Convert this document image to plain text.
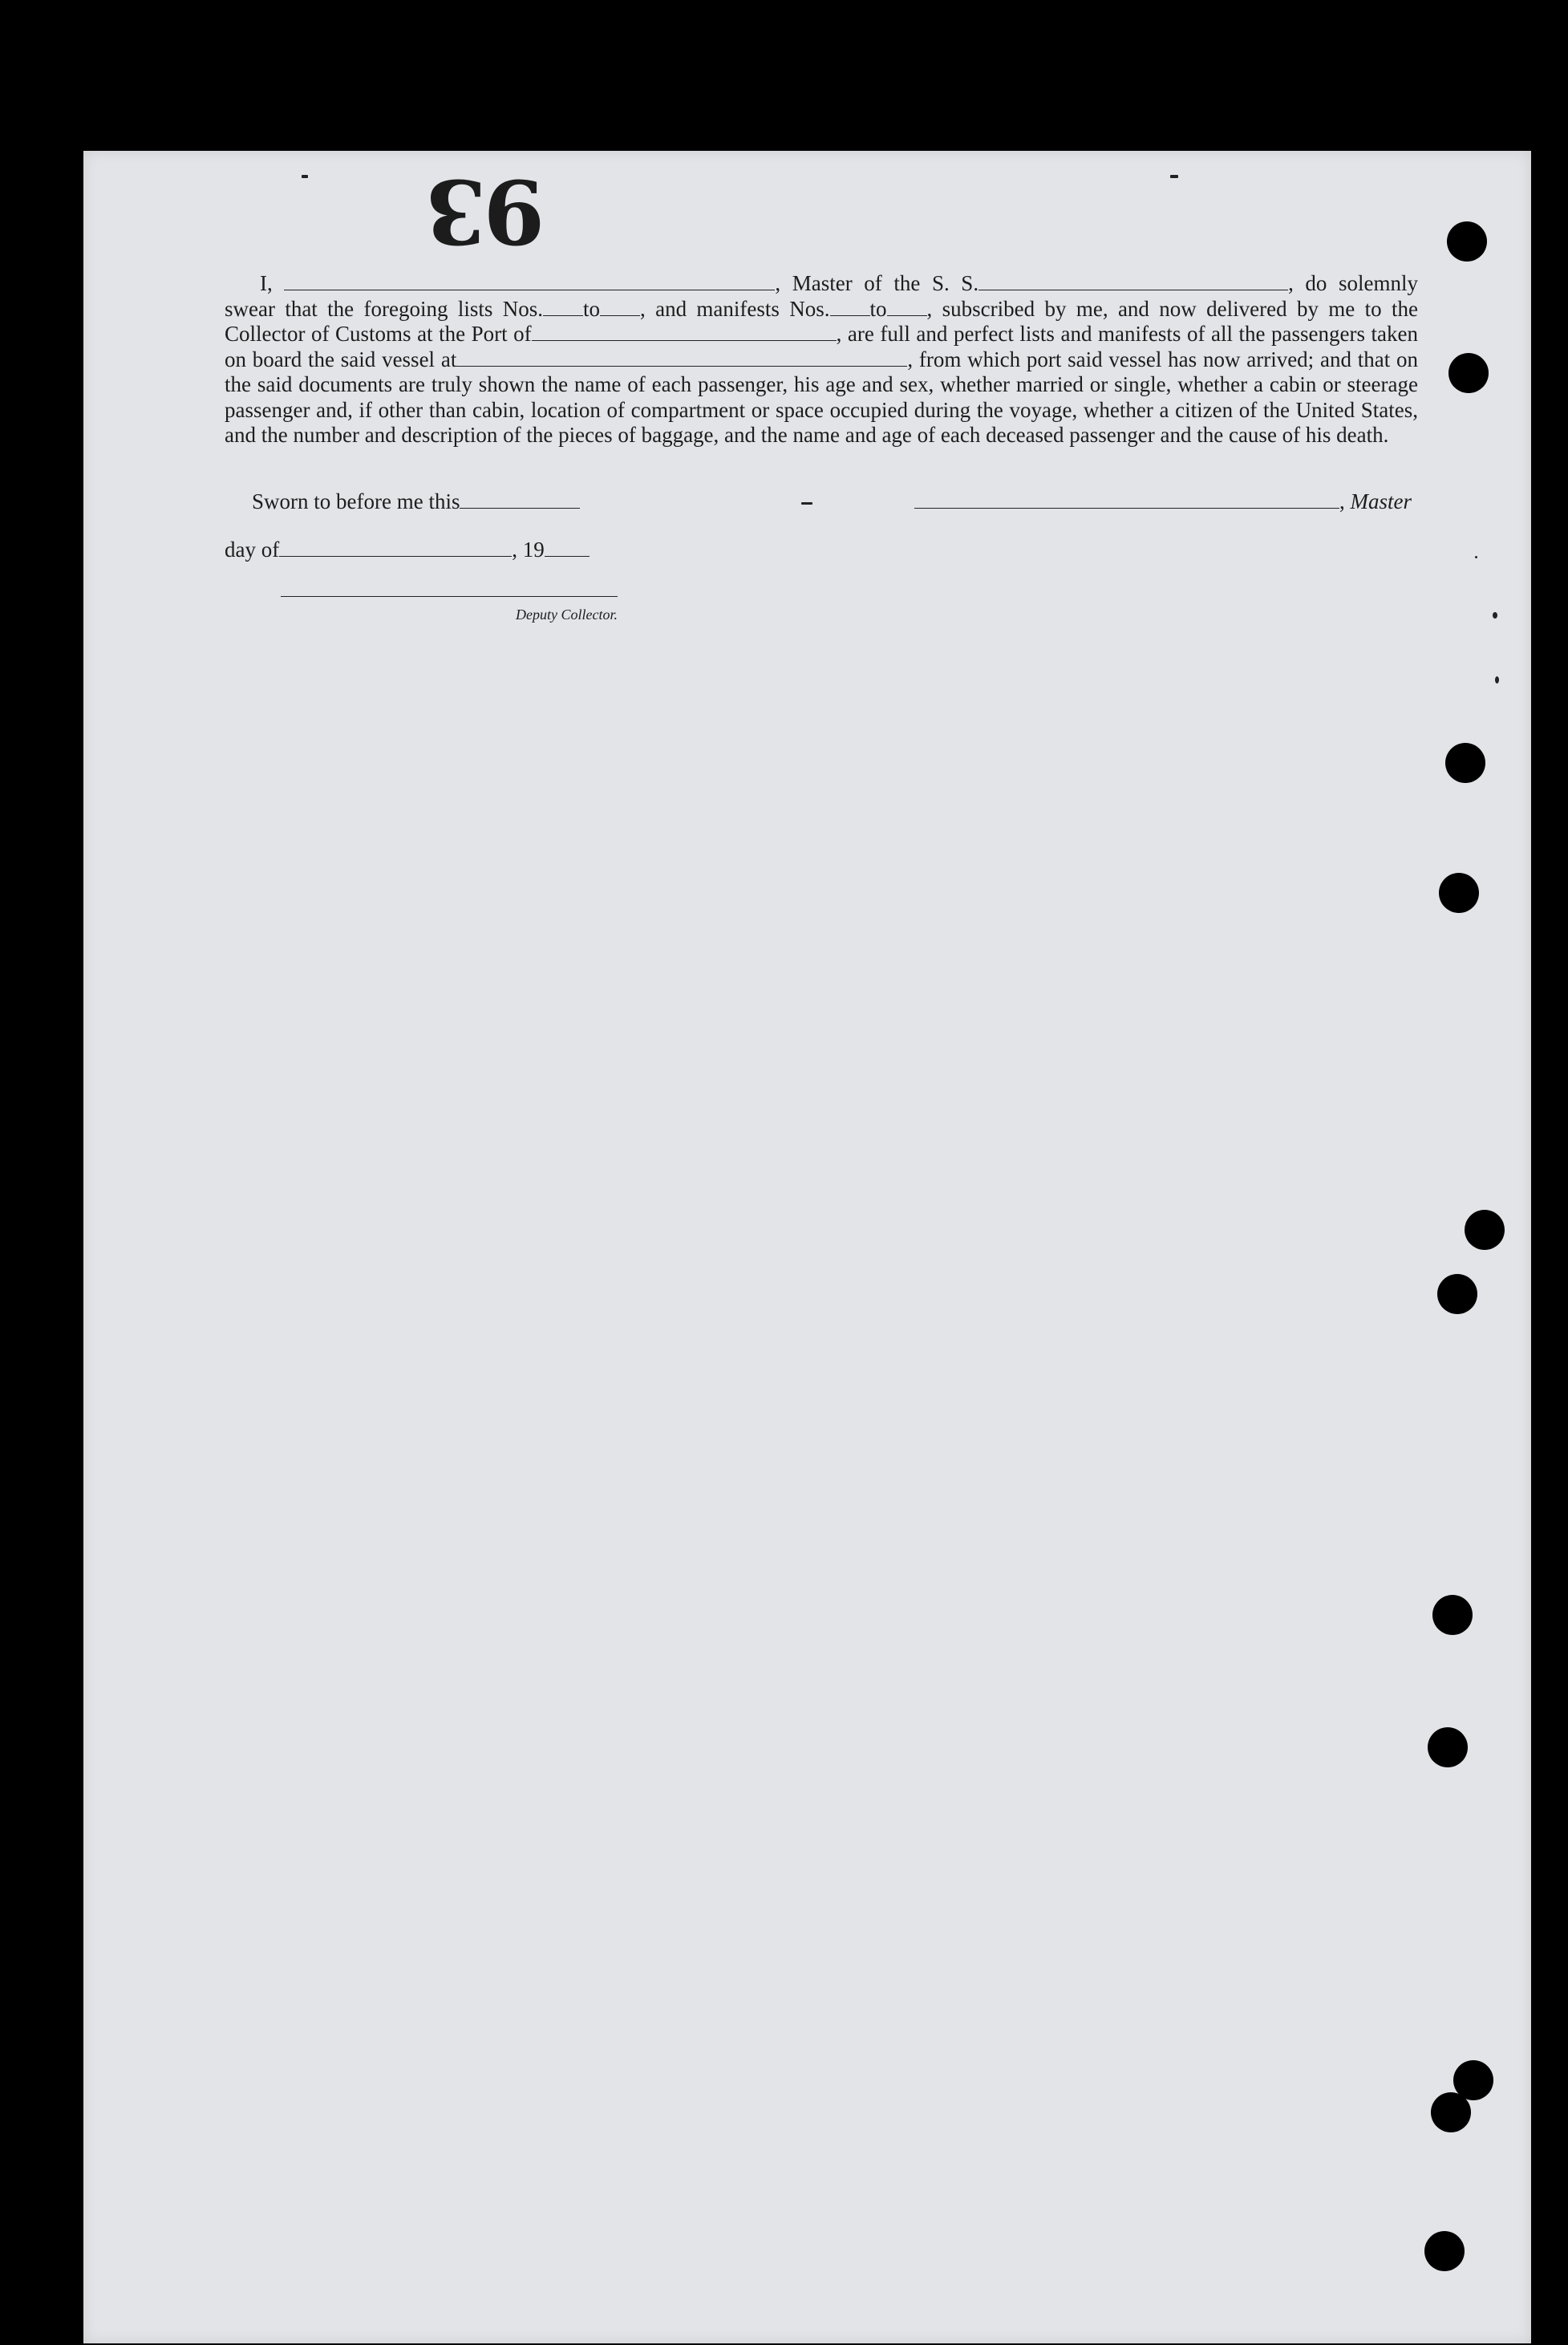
93

I,	, Master of the S. S.	, do solemnly swear that the foregoing lists Nos. to , and manifests Nos. to , subscribed by me, and now delivered by me to the Collector of Customs at the Port of	, are full and perfect lists and manifests of all the passengers taken on board the said vessel at	, from which port said vessel has now arrived; and that on the said documents are truly shown the name of each passenger, his age and sex, whether married or single, whether a cabin or steerage passenger and, if other than cabin, location of compartment or space occupied during the voyage, whether a citizen of the United States, and the number and description of the pieces of baggage, and the name and age of each deceased passenger and the cause of his death.

Sworn to before me this	, Master
day of	, 19
Deputy Collector.
